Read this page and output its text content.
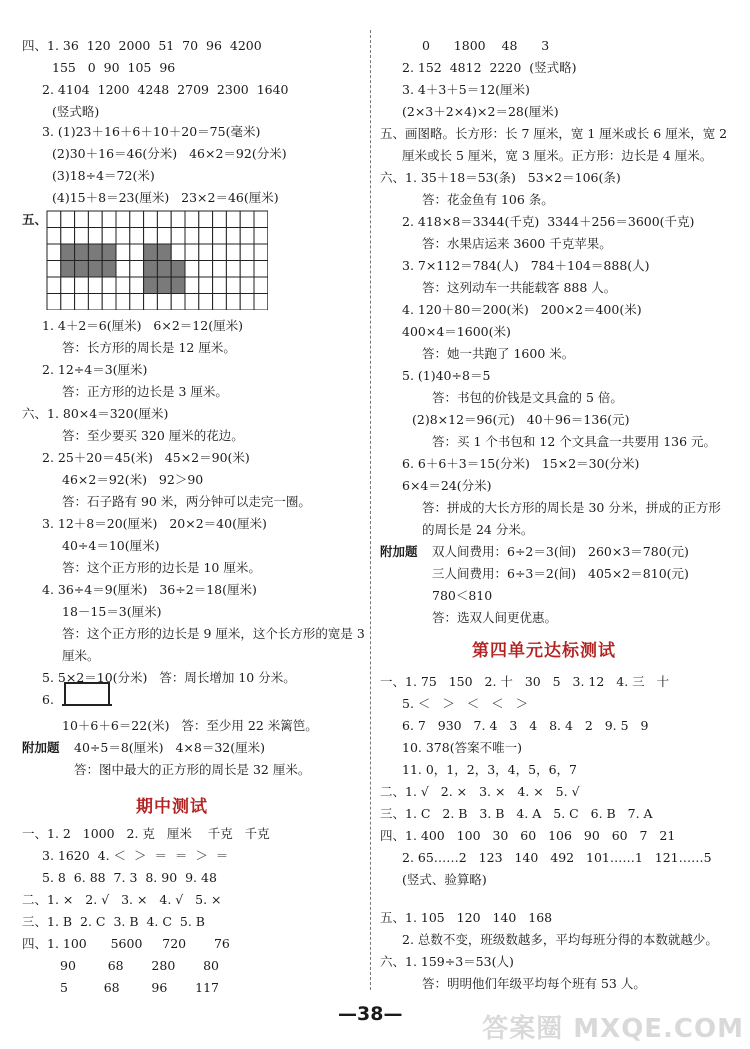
四、1. 36  120  2000  51  70  96  4200
155   0  90  105  96
2. 4104  1200  4248  2709  2300  1640
(竖式略)
3. (1)23＋16＋6＋10＋20＝75(毫米)
(2)30＋16＝46(分米)   46×2＝92(分米)
(3)18÷4＝72(米)
(4)15＋8＝23(厘米)   23×2＝46(厘米)
五、
1. 4＋2＝6(厘米)   6×2＝12(厘米)
答：长方形的周长是 12 厘米。
2. 12÷4＝3(厘米)
答：正方形的边长是 3 厘米。
六、1. 80×4＝320(厘米)
答：至少要买 320 厘米的花边。
2. 25＋20＝45(米)   45×2＝90(米)
46×2＝92(米)   92＞90
答：石子路有 90 米，两分钟可以走完一圈。
3. 12＋8＝20(厘米)   20×2＝40(厘米)
40÷4＝10(厘米)
答：这个正方形的边长是 10 厘米。
4. 36÷4＝9(厘米)   36÷2＝18(厘米)
18－15＝3(厘米)
答：这个正方形的边长是 9 厘米，这个长方形的宽是 3
厘米。
5. 5×2＝10(分米)   答：周长增加 10 分米。
6.
10＋6＋6＝22(米)   答：至少用 22 米篱笆。
附加题 40÷5＝8(厘米)   4×8＝32(厘米)
答：图中最大的正方形的周长是 32 厘米。
一、1. 2   1000   2. 克   厘米    千克   千克
3. 1620  4. ＜  ＞  ＝  ＝  ＞  ＝
5. 8  6. 88  7. 3  8. 90  9. 48
二、1. ×   2. √   3. ×   4. √   5. ×
三、1. B  2. C  3. B  4. C  5. B
四、1. 100      5600     720       76
90        68       280       80
5         68        96       117
0      1800    48      3
2. 152  4812  2220  (竖式略)
3. 4＋3＋5＝12(厘米)
(2×3＋2×4)×2＝28(厘米)
五、画图略。长方形：长 7 厘米，宽 1 厘米或长 6 厘米，宽 2
厘米或长 5 厘米，宽 3 厘米。正方形：边长是 4 厘米。
六、1. 35＋18＝53(条)   53×2＝106(条)
答：花金鱼有 106 条。
2. 418×8＝3344(千克)  3344＋256＝3600(千克)
答：水果店运来 3600 千克苹果。
3. 7×112＝784(人)   784＋104＝888(人)
答：这列动车一共能载客 888 人。
4. 120＋80＝200(米)   200×2＝400(米)
400×4＝1600(米)
答：她一共跑了 1600 米。
5. (1)40÷8＝5
答：书包的价钱是文具盒的 5 倍。
(2)8×12＝96(元)   40＋96＝136(元)
答：买 1 个书包和 12 个文具盒一共要用 136 元。
6. 6＋6＋3＝15(分米)   15×2＝30(分米)
6×4＝24(分米)
答：拼成的大长方形的周长是 30 分米，拼成的正方形
的周长是 24 分米。
附加题 双人间费用：6÷2＝3(间)   260×3＝780(元)
三人间费用：6÷3＝2(间)   405×2＝810(元)
780＜810
答：选双人间更优惠。
一、1. 75   150   2. 十   30   5   3. 12   4. 三   十
5. ＜   ＞   ＜   ＜   ＞
6. 7   930   7. 4   3   4   8. 4   2   9. 5   9
10. 378(答案不唯一)
11. 0，1，2，3，4，5，6，7
二、1. √   2. ×   3. ×   4. ×   5. √
三、1. C   2. B   3. B   4. A   5. C   6. B   7. A
四、1. 400   100   30   60   106   90   60   7   21
2. 65……2   123   140   492   101……1   121……5
(竖式、验算略)
五、1. 105   120   140   168
2. 总数不变，班级数越多，平均每班分得的本数就越少。
六、1. 159÷3＝53(人)
答：明明他们年级平均每个班有 53 人。
期中测试
第四单元达标测试
—38—	答案圈 MXQE.COM
